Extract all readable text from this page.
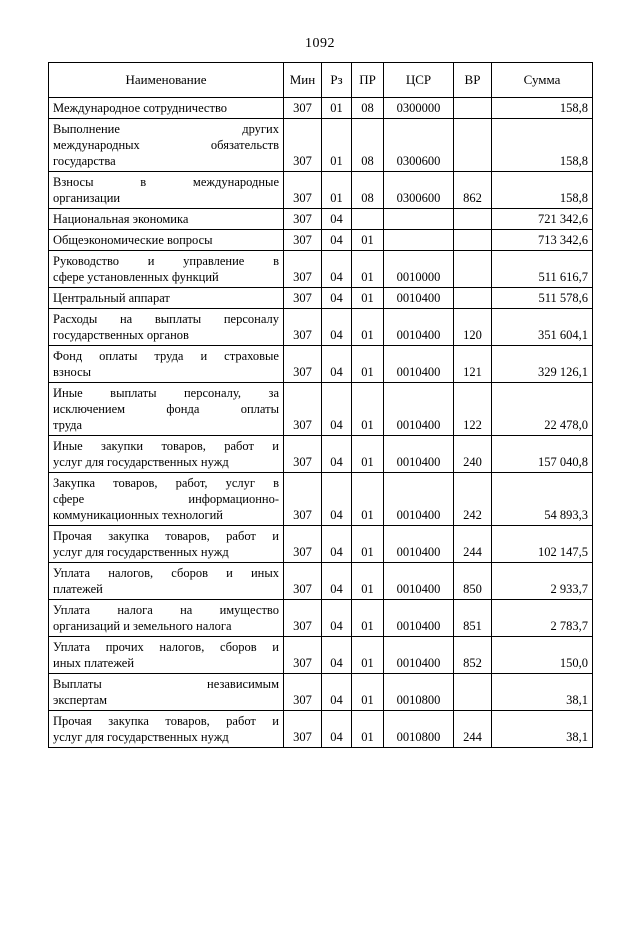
1092
Наименование	Мин	Рз	ПР	ЦСР	ВР	Сумма

Международное сотрудничество	307	01	08	0300000		158,8

Выполнение других
международных обязательств
государства	307	01	08	0300600		158,8

Взносы в международные
организации	307	01	08	0300600	862	158,8

Национальная экономика	307	04				721 342,6

Общеэкономические вопросы	307	04	01			713 342,6

Руководство и управление в
сфере установленных функций	307	04	01	0010000		511 616,7

Центральный аппарат	307	04	01	0010400		511 578,6

Расходы на выплаты персоналу
государственных органов	307	04	01	0010400	120	351 604,1

Фонд оплаты труда и страховые
взносы	307	04	01	0010400	121	329 126,1

Иные выплаты персоналу, за
исключением фонда оплаты
труда	307	04	01	0010400	122	22 478,0

Иные закупки товаров, работ и
услуг для государственных нужд	307	04	01	0010400	240	157 040,8

Закупка товаров, работ, услуг в
сфере информационно-
коммуникационных технологий	307	04	01	0010400	242	54 893,3

Прочая закупка товаров, работ и
услуг для государственных нужд	307	04	01	0010400	244	102 147,5

Уплата налогов, сборов и иных
платежей	307	04	01	0010400	850	2 933,7

Уплата налога на имущество
организаций и земельного налога	307	04	01	0010400	851	2 783,7

Уплата прочих налогов, сборов и
иных платежей	307	04	01	0010400	852	150,0

Выплаты независимым
экспертам	307	04	01	0010800		38,1

Прочая закупка товаров, работ и
услуг для государственных нужд	307	04	01	0010800	244	38,1
